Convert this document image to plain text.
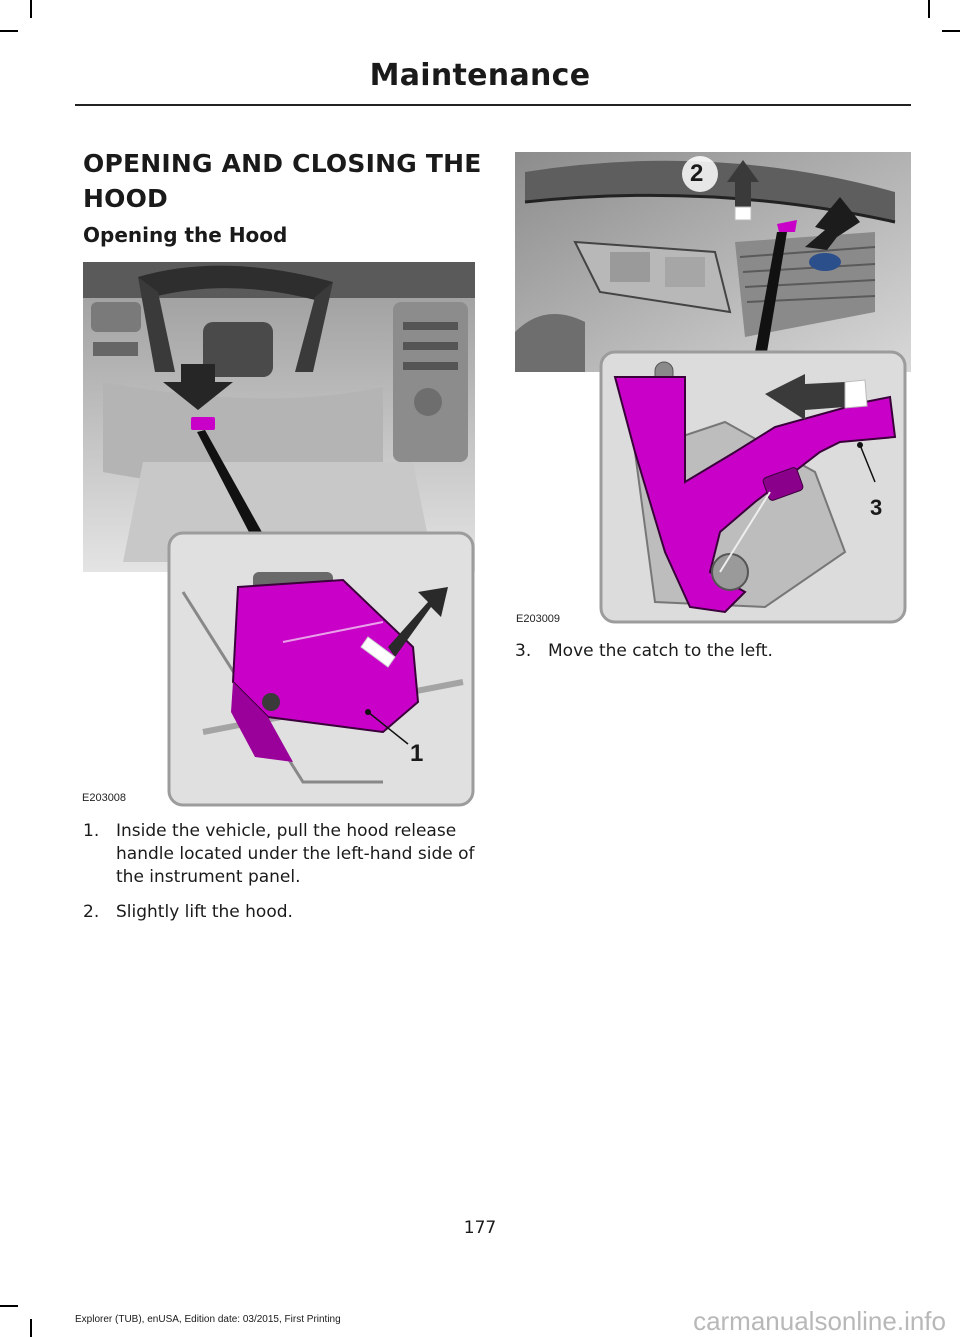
Maintenance
OPENING AND CLOSING THE HOOD
Opening the Hood
1
E203008
2
3
E203009
1. Inside the vehicle, pull the hood release handle located under the left-hand side of the instrument panel.
2. Slightly lift the hood.
3. Move the catch to the left.
177
Explorer (TUB), enUSA, Edition date: 03/2015, First Printing	carmanualsonline.info
